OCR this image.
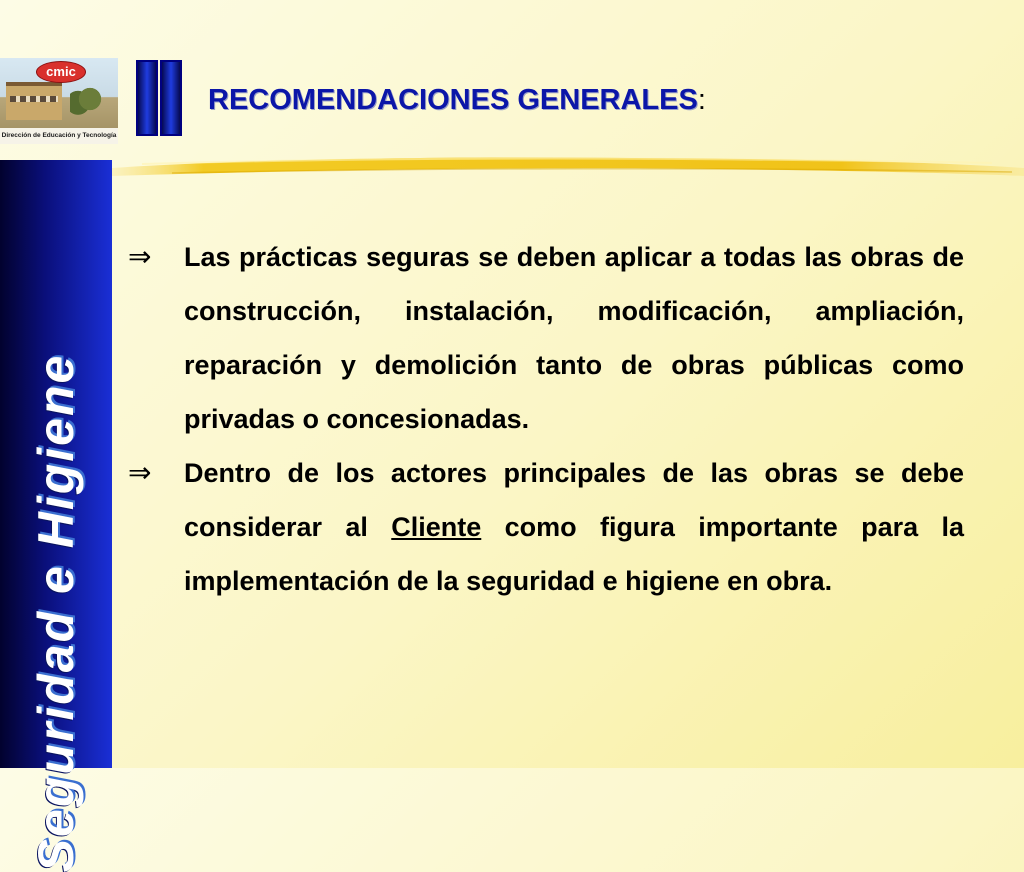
cmic
Dirección de Educación y Tecnología
Seguridad e Higiene
RECOMENDACIONES GENERALES:

⇒ Las prácticas seguras se deben aplicar a todas las obras de construcción, instalación, modificación, ampliación, reparación y demolición tanto de obras públicas como privadas o concesionadas.

⇒ Dentro de los actores principales de las obras se debe considerar al Cliente como figura importante para la implementación de la seguridad e higiene en obra.
